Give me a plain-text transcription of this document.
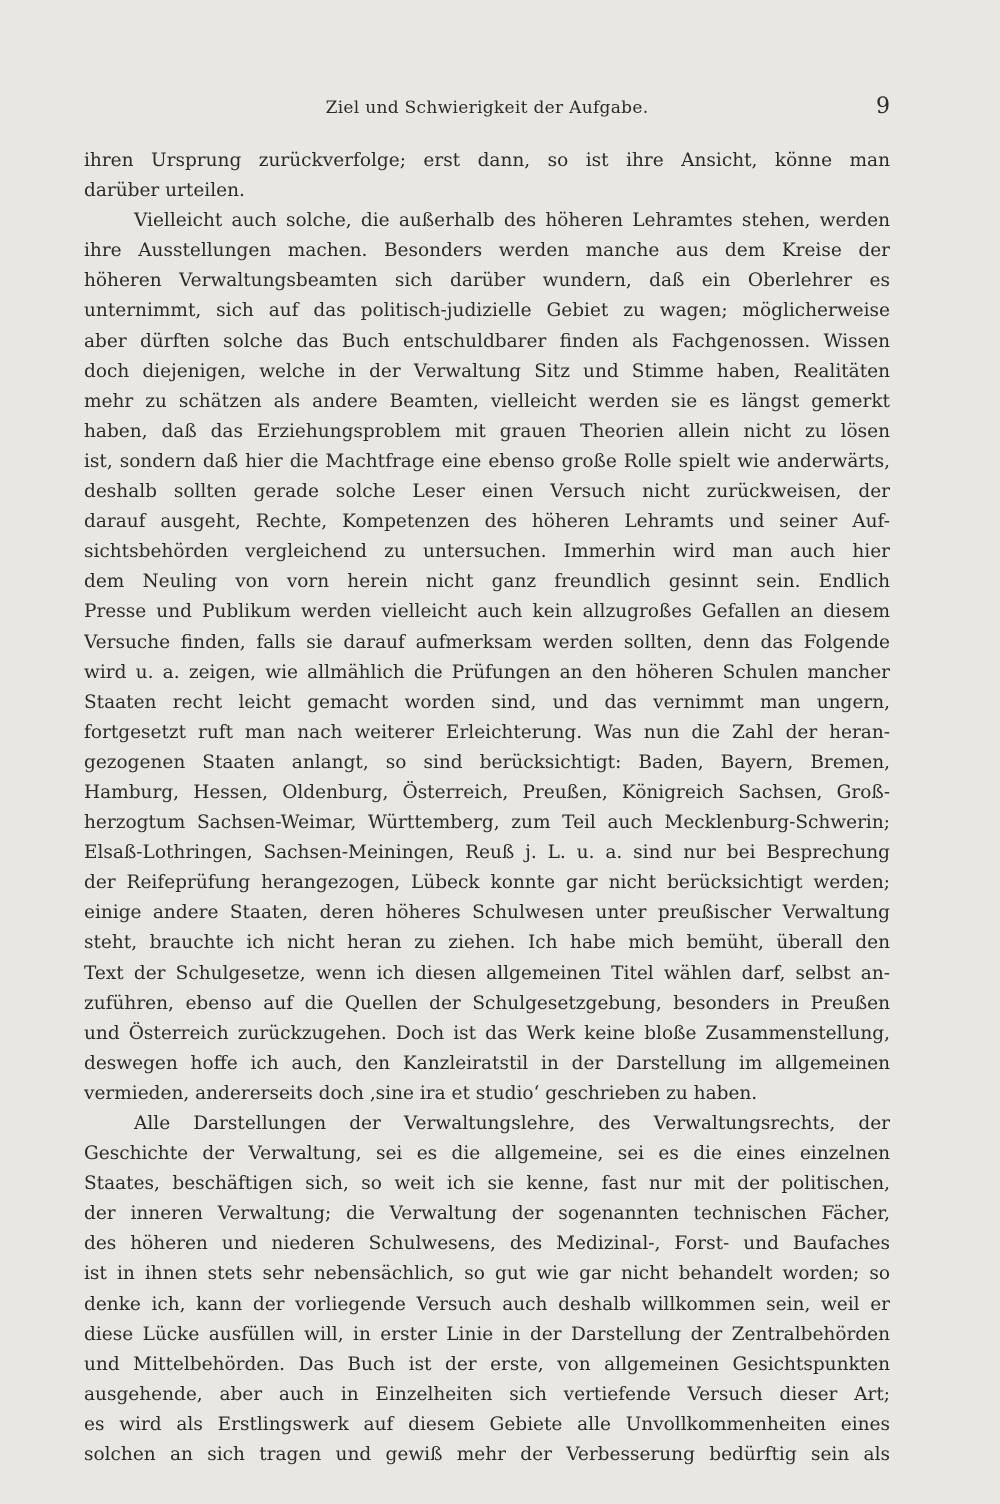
Ziel und Schwierigkeit der Aufgabe.	9
ihren Ursprung zurückverfolge; erst dann, so ist ihre Ansicht, könne man
darüber urteilen.
Vielleicht auch solche, die außerhalb des höheren Lehramtes stehen, werden
ihre Ausstellungen machen. Besonders werden manche aus dem Kreise der
höheren Verwaltungsbeamten sich darüber wundern, daß ein Oberlehrer es
unternimmt, sich auf das politisch-judizielle Gebiet zu wagen; möglicherweise
aber dürften solche das Buch entschuldbarer finden als Fachgenossen. Wissen
doch diejenigen, welche in der Verwaltung Sitz und Stimme haben, Realitäten
mehr zu schätzen als andere Beamten, vielleicht werden sie es längst gemerkt
haben, daß das Erziehungsproblem mit grauen Theorien allein nicht zu lösen
ist, sondern daß hier die Machtfrage eine ebenso große Rolle spielt wie anderwärts,
deshalb sollten gerade solche Leser einen Versuch nicht zurückweisen, der
darauf ausgeht, Rechte, Kompetenzen des höheren Lehramts und seiner Auf-
sichtsbehörden vergleichend zu untersuchen. Immerhin wird man auch hier
dem Neuling von vorn herein nicht ganz freundlich gesinnt sein. Endlich
Presse und Publikum werden vielleicht auch kein allzugroßes Gefallen an diesem
Versuche finden, falls sie darauf aufmerksam werden sollten, denn das Folgende
wird u. a. zeigen, wie allmählich die Prüfungen an den höheren Schulen mancher
Staaten recht leicht gemacht worden sind, und das vernimmt man ungern,
fortgesetzt ruft man nach weiterer Erleichterung. Was nun die Zahl der heran-
gezogenen Staaten anlangt, so sind berücksichtigt: Baden, Bayern, Bremen,
Hamburg, Hessen, Oldenburg, Österreich, Preußen, Königreich Sachsen, Groß-
herzogtum Sachsen-Weimar, Württemberg, zum Teil auch Mecklenburg-Schwerin;
Elsaß-Lothringen, Sachsen-Meiningen, Reuß j. L. u. a. sind nur bei Besprechung
der Reifeprüfung herangezogen, Lübeck konnte gar nicht berücksichtigt werden;
einige andere Staaten, deren höheres Schulwesen unter preußischer Verwaltung
steht, brauchte ich nicht heran zu ziehen. Ich habe mich bemüht, überall den
Text der Schulgesetze, wenn ich diesen allgemeinen Titel wählen darf, selbst an-
zuführen, ebenso auf die Quellen der Schulgesetzgebung, besonders in Preußen
und Österreich zurückzugehen. Doch ist das Werk keine bloße Zusammenstellung,
deswegen hoffe ich auch, den Kanzleiratstil in der Darstellung im allgemeinen
vermieden, andererseits doch ‚sine ira et studio‘ geschrieben zu haben.
Alle Darstellungen der Verwaltungslehre, des Verwaltungsrechts, der
Geschichte der Verwaltung, sei es die allgemeine, sei es die eines einzelnen
Staates, beschäftigen sich, so weit ich sie kenne, fast nur mit der politischen,
der inneren Verwaltung; die Verwaltung der sogenannten technischen Fächer,
des höheren und niederen Schulwesens, des Medizinal-, Forst- und Baufaches
ist in ihnen stets sehr nebensächlich, so gut wie gar nicht behandelt worden; so
denke ich, kann der vorliegende Versuch auch deshalb willkommen sein, weil er
diese Lücke ausfüllen will, in erster Linie in der Darstellung der Zentralbehörden
und Mittelbehörden. Das Buch ist der erste, von allgemeinen Gesichtspunkten
ausgehende, aber auch in Einzelheiten sich vertiefende Versuch dieser Art;
es wird als Erstlingswerk auf diesem Gebiete alle Unvollkommenheiten eines
solchen an sich tragen und gewiß mehr der Verbesserung bedürftig sein als
